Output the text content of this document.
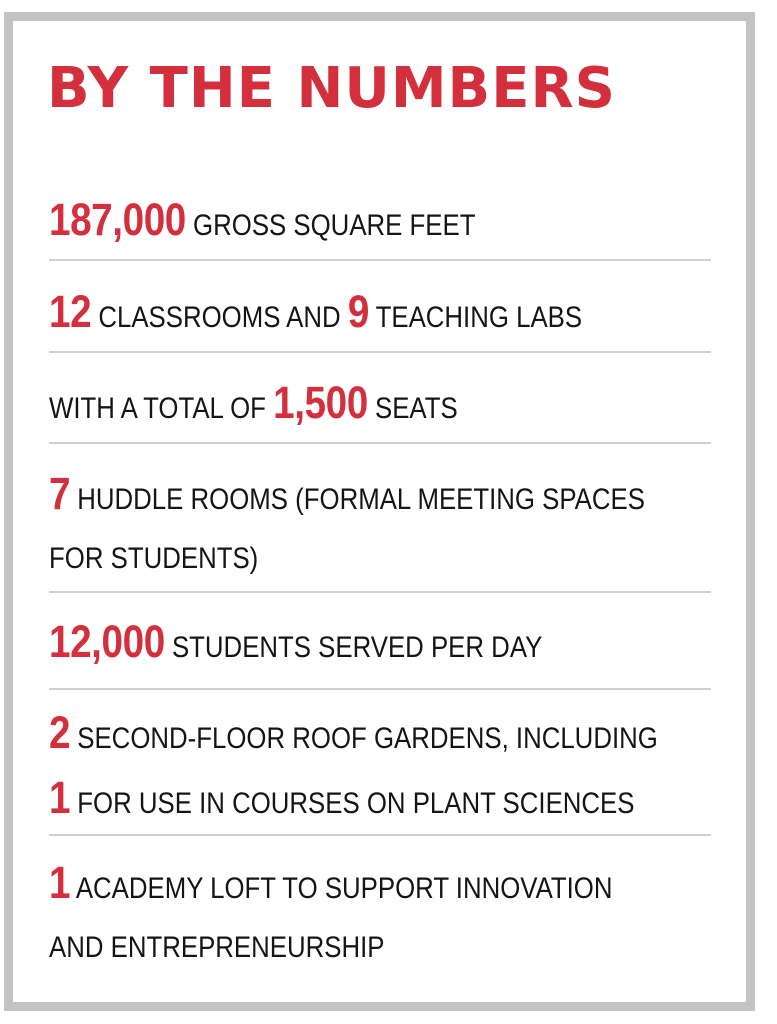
BY THE NUMBERS
187,000 GROSS SQUARE FEET
12 CLASSROOMS AND 9 TEACHING LABS
WITH A TOTAL OF 1,500 SEATS
7 HUDDLE ROOMS (FORMAL MEETING SPACES
FOR STUDENTS)
12,000 STUDENTS SERVED PER DAY
2 SECOND-FLOOR ROOF GARDENS, INCLUDING
1 FOR USE IN COURSES ON PLANT SCIENCES
1 ACADEMY LOFT TO SUPPORT INNOVATION
AND ENTREPRENEURSHIP
